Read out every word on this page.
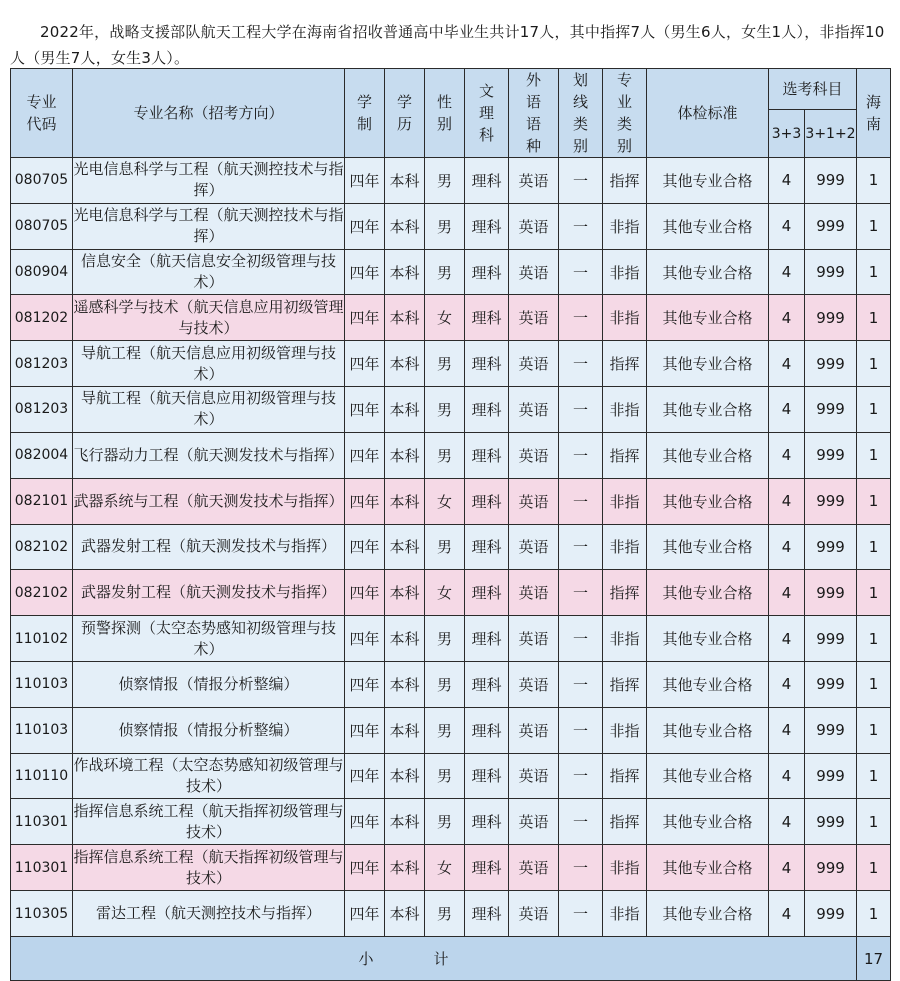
2022年，战略支援部队航天工程大学在海南省招收普通高中毕业生共计17人，其中指挥7人（男生6人，女生1人），非指挥10人（男生7人，女生3人）。

专业代码	专业名称（招考方向）	学制	学历	性别	文理科	外语语种	划线类别	专业类别	体检标准	选考科目		海南
										3+3	3+1+2	
080705	光电信息科学与工程（航天测控技术与指挥）	四年	本科	男	理科	英语	一	指挥	其他专业合格	4	999	1
080705	光电信息科学与工程（航天测控技术与指挥）	四年	本科	男	理科	英语	一	非指	其他专业合格	4	999	1
080904	信息安全（航天信息安全初级管理与技术）	四年	本科	男	理科	英语	一	非指	其他专业合格	4	999	1
081202	遥感科学与技术（航天信息应用初级管理与技术）	四年	本科	女	理科	英语	一	非指	其他专业合格	4	999	1
081203	导航工程（航天信息应用初级管理与技术）	四年	本科	男	理科	英语	一	指挥	其他专业合格	4	999	1
081203	导航工程（航天信息应用初级管理与技术）	四年	本科	男	理科	英语	一	非指	其他专业合格	4	999	1
082004	飞行器动力工程（航天测发技术与指挥）	四年	本科	男	理科	英语	一	指挥	其他专业合格	4	999	1
082101	武器系统与工程（航天测发技术与指挥）	四年	本科	女	理科	英语	一	非指	其他专业合格	4	999	1
082102	武器发射工程（航天测发技术与指挥）	四年	本科	男	理科	英语	一	非指	其他专业合格	4	999	1
082102	武器发射工程（航天测发技术与指挥）	四年	本科	女	理科	英语	一	指挥	其他专业合格	4	999	1
110102	预警探测（太空态势感知初级管理与技术）	四年	本科	男	理科	英语	一	非指	其他专业合格	4	999	1
110103	侦察情报（情报分析整编）	四年	本科	男	理科	英语	一	指挥	其他专业合格	4	999	1
110103	侦察情报（情报分析整编）	四年	本科	男	理科	英语	一	非指	其他专业合格	4	999	1
110110	作战环境工程（太空态势感知初级管理与技术）	四年	本科	男	理科	英语	一	指挥	其他专业合格	4	999	1
110301	指挥信息系统工程（航天指挥初级管理与技术）	四年	本科	男	理科	英语	一	指挥	其他专业合格	4	999	1
110301	指挥信息系统工程（航天指挥初级管理与技术）	四年	本科	女	理科	英语	一	非指	其他专业合格	4	999	1
110305	雷达工程（航天测控技术与指挥）	四年	本科	男	理科	英语	一	非指	其他专业合格	4	999	1
小计												17
